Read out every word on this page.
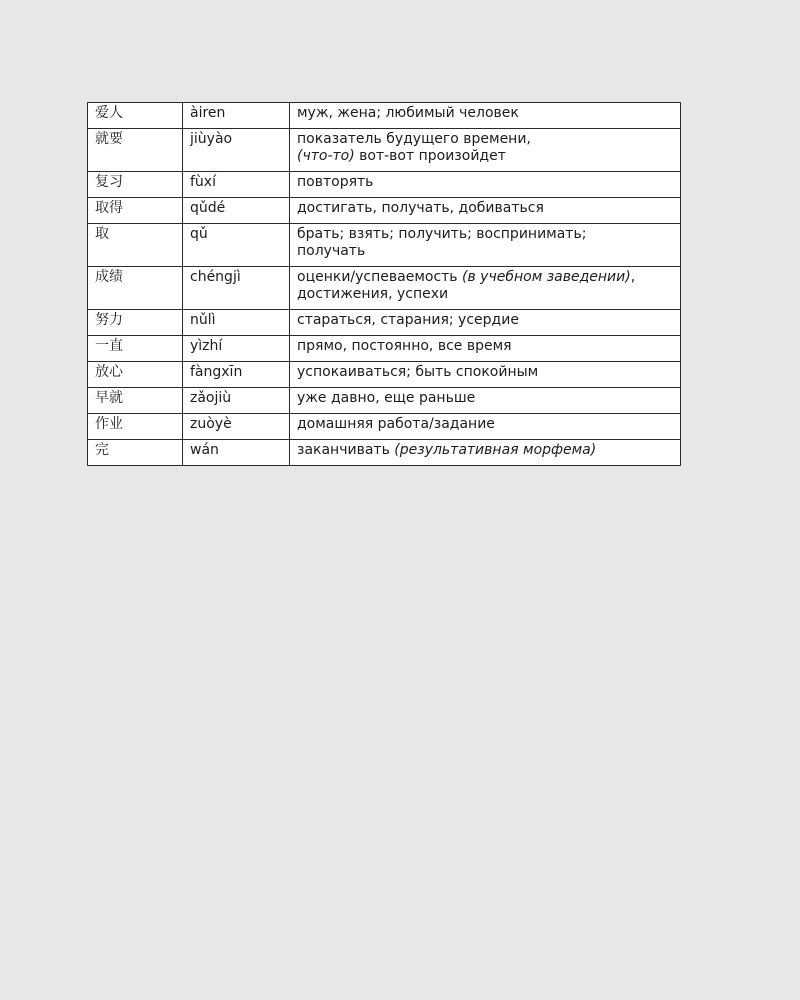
爱人	àiren	муж, жена; любимый человек
就要	jiùyào	показатель будущего времени,
(что-то) вот-вот произойдет
复习	fùxí	повторять
取得	qǔdé	достигать, получать, добиваться
取	qǔ	брать; взять; получить; воспринимать;
получать
成绩	chéngjì	оценки/успеваемость (в учебном заведении),
достижения, успехи
努力	nǔlì	стараться, старания; усердие
一直	yìzhí	прямо, постоянно, все время
放心	fàngxīn	успокаиваться; быть спокойным
早就	zǎojiù	уже давно, еще раньше
作业	zuòyè	домашняя работа/задание
完	wán	заканчивать (результативная морфема)
